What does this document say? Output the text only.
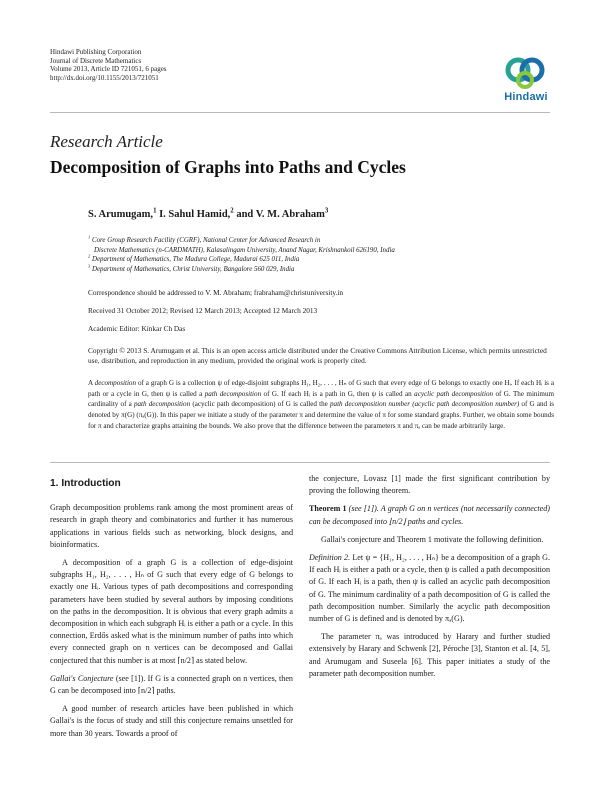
Hindawi Publishing Corporation
Journal of Discrete Mathematics
Volume 2013, Article ID 721051, 6 pages
http://dx.doi.org/10.1155/2013/721051
Hindawi
Research Article
Decomposition of Graphs into Paths and Cycles
S. Arumugam,$^1$ I. Sahul Hamid,$^2$ and V. M. Abraham$^3$
$^1$ Core Group Research Facility (CGRF), National Center for Advanced Research in
Discrete Mathematics (n-CARDMATH), Kalasalingam University, Anand Nagar, Krishnankoil 626190, India
$^2$ Department of Mathematics, The Madura College, Madurai 625 011, India
$^3$ Department of Mathematics, Christ University, Bangalore 560 029, India
Correspondence should be addressed to V. M. Abraham; frabraham@christuniversity.in
Received 31 October 2012; Revised 12 March 2013; Accepted 12 March 2013
Academic Editor: Kinkar Ch Das
Copyright © 2013 S. Arumugam et al. This is an open access article distributed under the Creative Commons Attribution License, which permits unrestricted use, distribution, and reproduction in any medium, provided the original work is properly cited.
A decomposition of a graph G is a collection ψ of edge-disjoint subgraphs H₁, H₂, . . . , Hₙ of G such that every edge of G belongs to exactly one Hᵢ. If each Hᵢ is a path or a cycle in G, then ψ is called a path decomposition of G. If each Hᵢ is a path in G, then ψ is called an acyclic path decomposition of G. The minimum cardinality of a path decomposition (acyclic path decomposition) of G is called the path decomposition number (acyclic path decomposition number) of G and is denoted by π(G) (πₐ(G)). In this paper we initiate a study of the parameter π and determine the value of π for some standard graphs. Further, we obtain some bounds for π and characterize graphs attaining the bounds. We also prove that the difference between the parameters π and πₐ can be made arbitrarily large.

1. Introduction

Graph decomposition problems rank among the most prominent areas of research in graph theory and combinatorics and further it has numerous applications in various fields such as networking, block designs, and bioinformatics.

A decomposition of a graph G is a collection of edge-disjoint subgraphs H₁, H₂, . . . , Hₙ of G such that every edge of G belongs to exactly one Hᵢ. Various types of path decompositions and corresponding parameters have been studied by several authors by imposing conditions on the paths in the decomposition. It is obvious that every graph admits a decomposition in which each subgraph Hᵢ is either a path or a cycle. In this connection, Erdős asked what is the minimum number of paths into which every connected graph on n vertices can be decomposed and Gallai conjectured that this number is at most ⌈n/2⌉ as stated below.

Gallai's Conjecture (see [1]). If G is a connected graph on n vertices, then G can be decomposed into ⌈n/2⌉ paths.

A good number of research articles have been published in which Gallai's is the focus of study and still this conjecture remains unsettled for more than 30 years. Towards a proof of

the conjecture, Lovasz [1] made the first significant contribution by proving the following theorem.

Theorem 1 (see [1]). A graph G on n vertices (not necessarily connected) can be decomposed into ⌊n/2⌋ paths and cycles.

Gallai's conjecture and Theorem 1 motivate the following definition.

Definition 2. Let ψ = {H₁, H₂, . . . , Hₙ} be a decomposition of a graph G. If each Hᵢ is either a path or a cycle, then ψ is called a path decomposition of G. If each Hᵢ is a path, then ψ is called an acyclic path decomposition of G. The minimum cardinality of a path decomposition of G is called the path decomposition number. Similarly the acyclic path decomposition number of G is defined and is denoted by πₐ(G).

The parameter πₐ was introduced by Harary and further studied extensively by Harary and Schwenk [2], Péroche [3], Stanton et al. [4, 5], and Arumugam and Suseela [6]. This paper initiates a study of the parameter path decomposition number.
